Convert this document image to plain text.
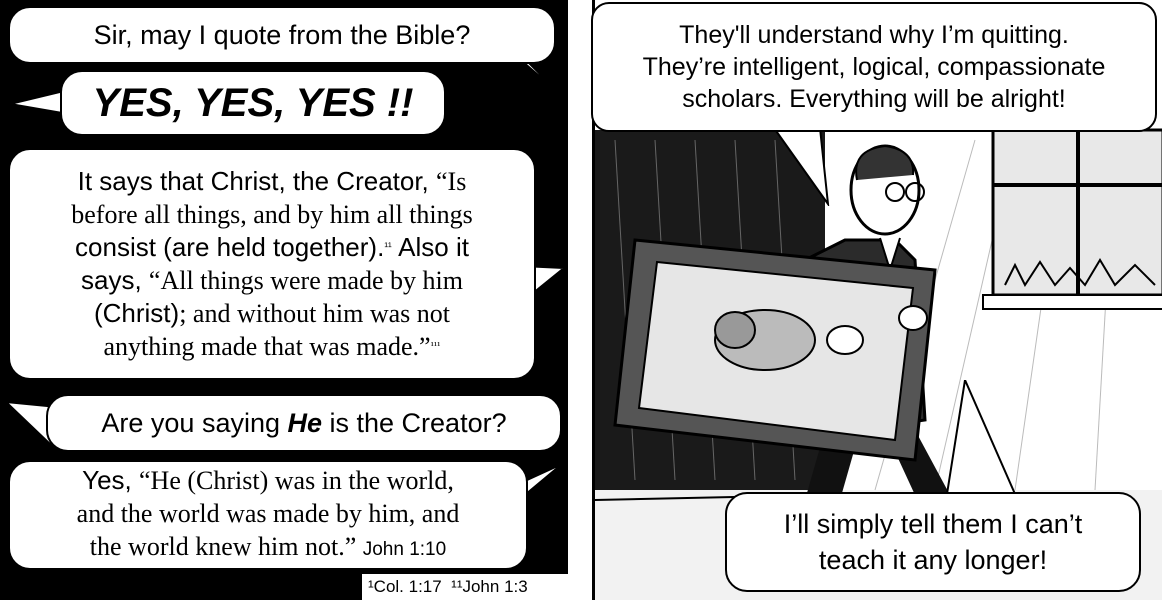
Sir, may I quote from the Bible?
YES, YES, YES !!
It says that Christ, the Creator, “Is
before all things, and by him all things
consist (are held together).$^{^{11}}$ Also it
says, “All things were made by him
(Christ); and without him was not
anything made that was made.”$^{^{111}}$
Are you saying He is the Creator?
Yes, “He (Christ) was in the world,
and the world was made by him, and
the world knew him not.” John 1:10
¹Col. 1:17 ¹¹John 1:3
They'll understand why I’m quitting.
They’re intelligent, logical, compassionate
scholars. Everything will be alright!
I’ll simply tell them I can’t
teach it any longer!
